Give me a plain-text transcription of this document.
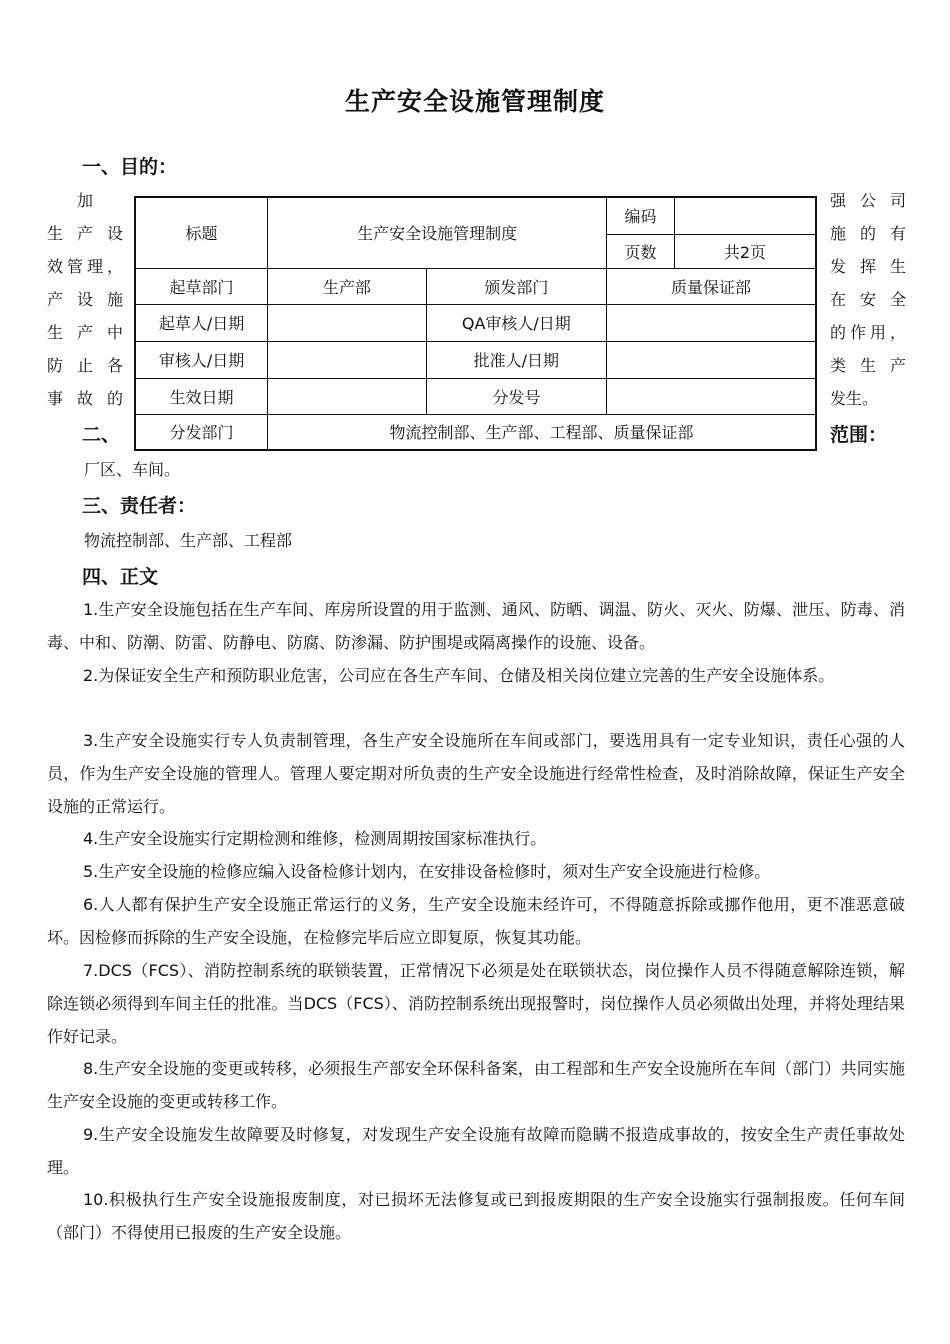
生产安全设施管理制度
一、目的：
加
生 产 设
效管理，
产 设 施
生 产 中
防 止 各
事 故 的
强 公 司
施 的 有
发 挥 生
在 安 全
的作用，
类 生 产
发生。
标题	生产安全设施管理制度		编码	
			页数	共2页
起草部门	生产部	颁发部门	质量保证部	
起草人/日期		QA审核人/日期		
审核人/日期		批准人/日期		
生效日期		分发号		
分发部门	物流控制部、生产部、工程部、质量保证部			
二、	范围：
厂区、车间。
三、责任者：
物流控制部、生产部、工程部
四、正文
1.生产安全设施包括在生产车间、库房所设置的用于监测、通风、防晒、调温、防火、灭火、防爆、泄压、防毒、消毒、中和、防潮、防雷、防静电、防腐、防渗漏、防护围堤或隔离操作的设施、设备。
2.为保证安全生产和预防职业危害，公司应在各生产车间、仓储及相关岗位建立完善的生产安全设施体系。
3.生产安全设施实行专人负责制管理，各生产安全设施所在车间或部门，要选用具有一定专业知识，责任心强的人员，作为生产安全设施的管理人。管理人要定期对所负责的生产安全设施进行经常性检查，及时消除故障，保证生产安全设施的正常运行。
4.生产安全设施实行定期检测和维修，检测周期按国家标准执行。
5.生产安全设施的检修应编入设备检修计划内，在安排设备检修时，须对生产安全设施进行检修。
6.人人都有保护生产安全设施正常运行的义务，生产安全设施未经许可，不得随意拆除或挪作他用，更不准恶意破坏。因检修而拆除的生产安全设施，在检修完毕后应立即复原，恢复其功能。
7.DCS（FCS）、消防控制系统的联锁装置，正常情况下必须是处在联锁状态，岗位操作人员不得随意解除连锁，解除连锁必须得到车间主任的批准。当DCS（FCS）、消防控制系统出现报警时，岗位操作人员必须做出处理，并将处理结果作好记录。
8.生产安全设施的变更或转移，必须报生产部安全环保科备案，由工程部和生产安全设施所在车间（部门）共同实施生产安全设施的变更或转移工作。
9.生产安全设施发生故障要及时修复，对发现生产安全设施有故障而隐瞒不报造成事故的，按安全生产责任事故处理。
10.积极执行生产安全设施报废制度，对已损坏无法修复或已到报废期限的生产安全设施实行强制报废。任何车间（部门）不得使用已报废的生产安全设施。
